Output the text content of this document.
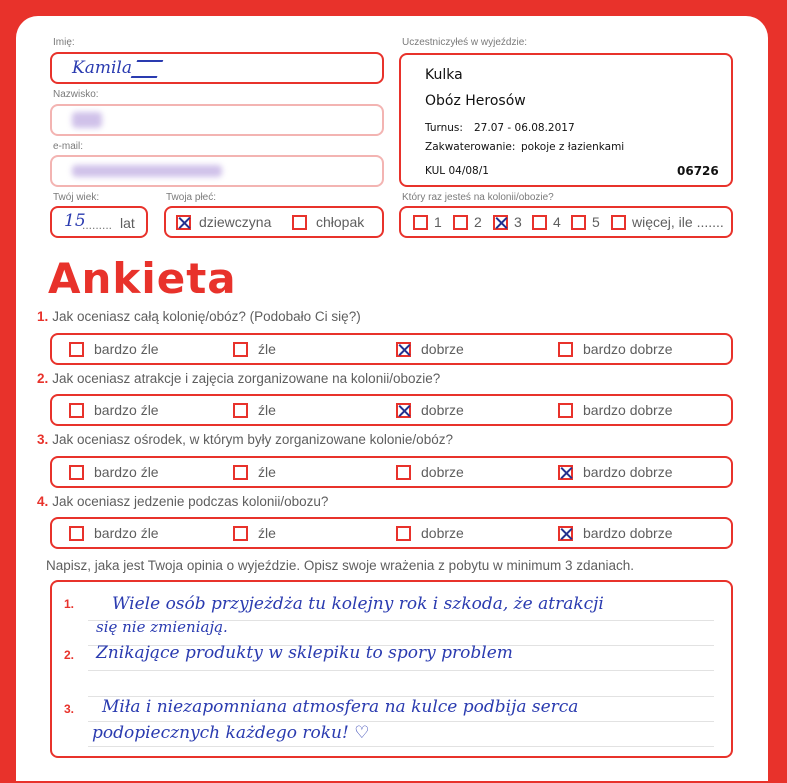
Imię:
Kamila
Nazwisko:
e-mail:
Twój wiek:
15
......... lat
Twoja płeć:
dziewczyna	chłopak
Uczestniczyłeś w wyjeździe:
Kulka
Obóz Herosów
Turnus: 27.07 - 06.08.2017
Zakwaterowanie: pokoje z łazienkami
KUL 04/08/1	06726
Który raz jesteś na kolonii/obozie?
1 2 3 4 5 więcej, ile .......
Ankieta
1. Jak oceniasz całą kolonię/obóz? (Podobało Ci się?)
bardzo źle	źle	dobrze	bardzo dobrze
2. Jak oceniasz atrakcje i zajęcia zorganizowane na kolonii/obozie?
bardzo źle	źle	dobrze	bardzo dobrze
3. Jak oceniasz ośrodek, w którym były zorganizowane kolonie/obóz?
bardzo źle	źle	dobrze	bardzo dobrze
4. Jak oceniasz jedzenie podczas kolonii/obozu?
bardzo źle	źle	dobrze	bardzo dobrze
Napisz, jaka jest Twoja opinia o wyjeździe. Opisz swoje wrażenia z pobytu w minimum 3 zdaniach.
1.
2.
3.
Wiele osób przyjeżdża tu kolejny rok i szkoda, że atrakcji
się nie zmieniają.
Znikające produkty w sklepiku to spory problem
Miła i niezapomniana atmosfera na kulce podbija serca
podopiecznych każdego roku! ♡
